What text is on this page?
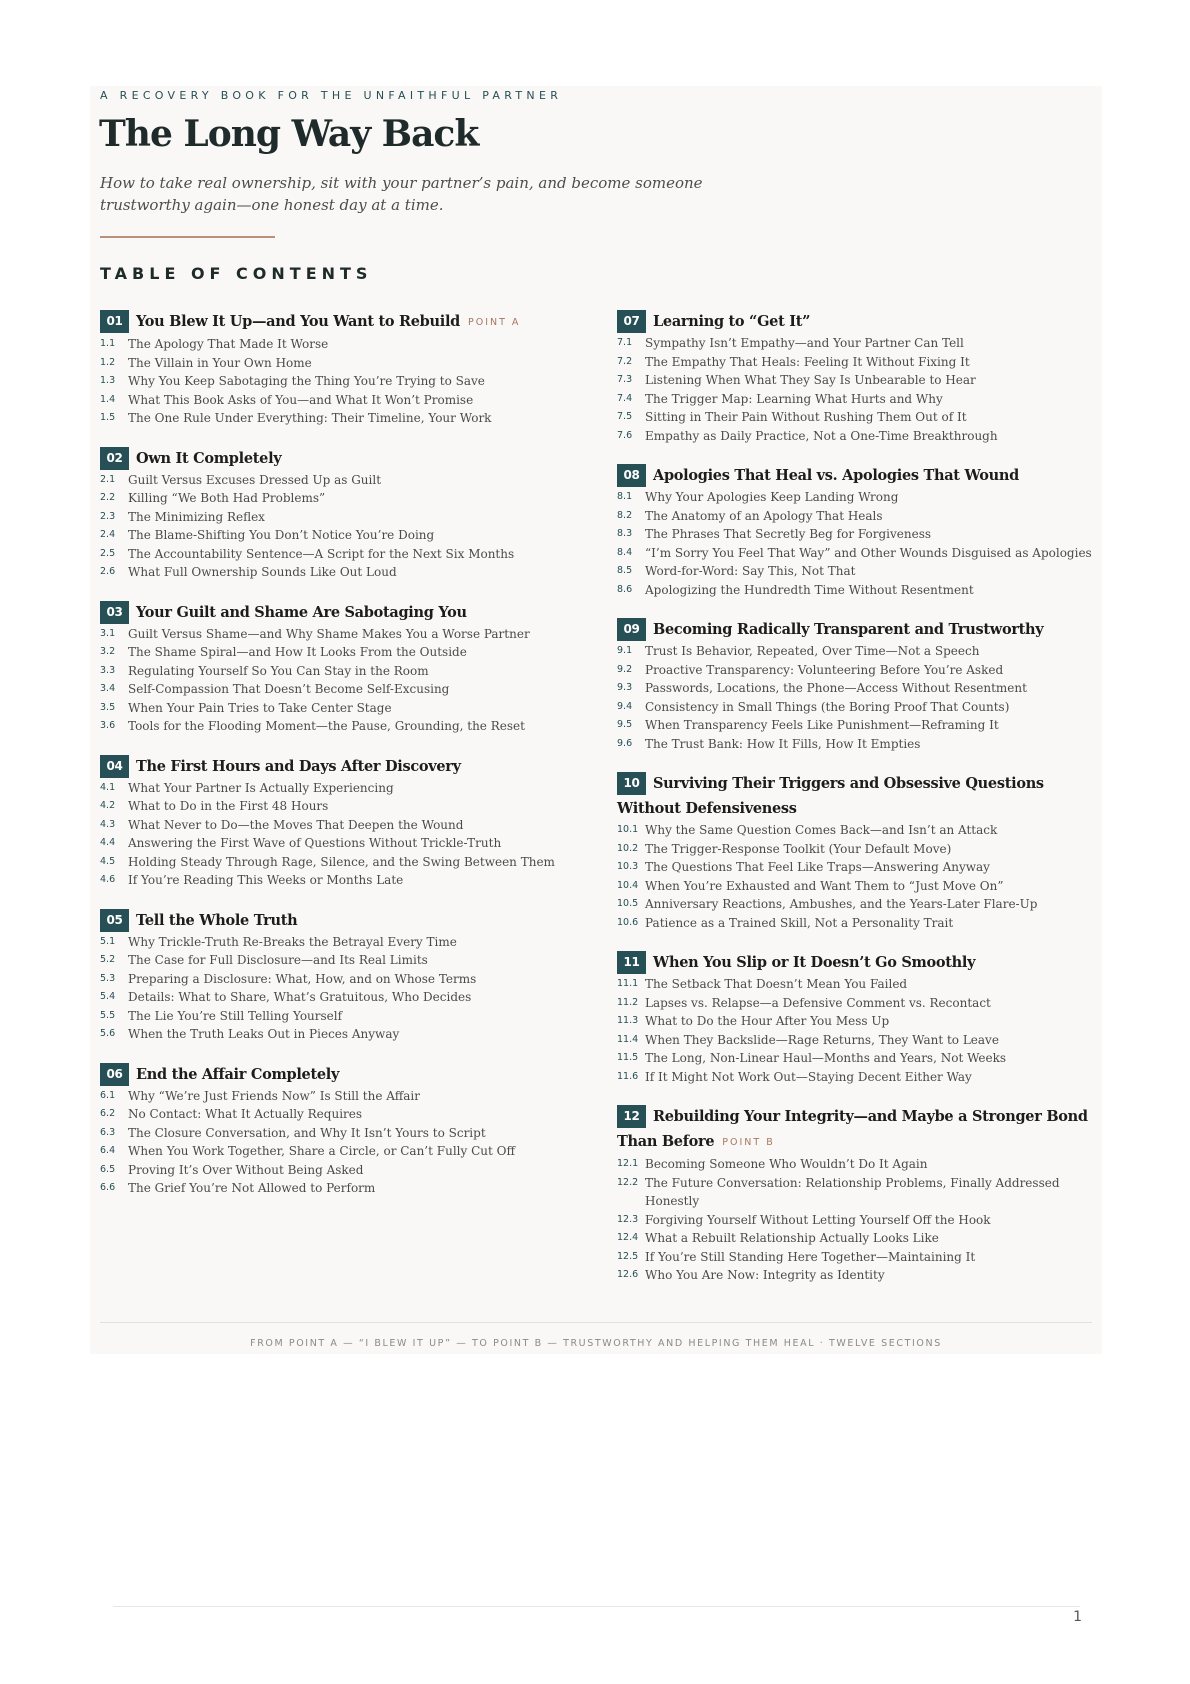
A RECOVERY BOOK FOR THE UNFAITHFUL PARTNER
The Long Way Back

How to take real ownership, sit with your partner’s pain, and become someone trustworthy again—one honest day at a time.

TABLE OF CONTENTS
01 You Blew It Up—and You Want to Rebuild POINT A
1.1 The Apology That Made It Worse
1.2 The Villain in Your Own Home
1.3 Why You Keep Sabotaging the Thing You’re Trying to Save
1.4 What This Book Asks of You—and What It Won’t Promise
1.5 The One Rule Under Everything: Their Timeline, Your Work
02 Own It Completely
2.1 Guilt Versus Excuses Dressed Up as Guilt
2.2 Killing “We Both Had Problems”
2.3 The Minimizing Reflex
2.4 The Blame-Shifting You Don’t Notice You’re Doing
2.5 The Accountability Sentence—A Script for the Next Six Months
2.6 What Full Ownership Sounds Like Out Loud
03 Your Guilt and Shame Are Sabotaging You
3.1 Guilt Versus Shame—and Why Shame Makes You a Worse Partner
3.2 The Shame Spiral—and How It Looks From the Outside
3.3 Regulating Yourself So You Can Stay in the Room
3.4 Self-Compassion That Doesn’t Become Self-Excusing
3.5 When Your Pain Tries to Take Center Stage
3.6 Tools for the Flooding Moment—the Pause, Grounding, the Reset
04 The First Hours and Days After Discovery
4.1 What Your Partner Is Actually Experiencing
4.2 What to Do in the First 48 Hours
4.3 What Never to Do—the Moves That Deepen the Wound
4.4 Answering the First Wave of Questions Without Trickle-Truth
4.5 Holding Steady Through Rage, Silence, and the Swing Between Them
4.6 If You’re Reading This Weeks or Months Late
05 Tell the Whole Truth
5.1 Why Trickle-Truth Re-Breaks the Betrayal Every Time
5.2 The Case for Full Disclosure—and Its Real Limits
5.3 Preparing a Disclosure: What, How, and on Whose Terms
5.4 Details: What to Share, What’s Gratuitous, Who Decides
5.5 The Lie You’re Still Telling Yourself
5.6 When the Truth Leaks Out in Pieces Anyway
06 End the Affair Completely
6.1 Why “We’re Just Friends Now” Is Still the Affair
6.2 No Contact: What It Actually Requires
6.3 The Closure Conversation, and Why It Isn’t Yours to Script
6.4 When You Work Together, Share a Circle, or Can’t Fully Cut Off
6.5 Proving It’s Over Without Being Asked
6.6 The Grief You’re Not Allowed to Perform
07 Learning to “Get It”
7.1 Sympathy Isn’t Empathy—and Your Partner Can Tell
7.2 The Empathy That Heals: Feeling It Without Fixing It
7.3 Listening When What They Say Is Unbearable to Hear
7.4 The Trigger Map: Learning What Hurts and Why
7.5 Sitting in Their Pain Without Rushing Them Out of It
7.6 Empathy as Daily Practice, Not a One-Time Breakthrough
08 Apologies That Heal vs. Apologies That Wound
8.1 Why Your Apologies Keep Landing Wrong
8.2 The Anatomy of an Apology That Heals
8.3 The Phrases That Secretly Beg for Forgiveness
8.4 “I’m Sorry You Feel That Way” and Other Wounds Disguised as Apologies
8.5 Word-for-Word: Say This, Not That
8.6 Apologizing the Hundredth Time Without Resentment
09 Becoming Radically Transparent and Trustworthy
9.1 Trust Is Behavior, Repeated, Over Time—Not a Speech
9.2 Proactive Transparency: Volunteering Before You’re Asked
9.3 Passwords, Locations, the Phone—Access Without Resentment
9.4 Consistency in Small Things (the Boring Proof That Counts)
9.5 When Transparency Feels Like Punishment—Reframing It
9.6 The Trust Bank: How It Fills, How It Empties
10 Surviving Their Triggers and Obsessive Questions Without Defensiveness
10.1 Why the Same Question Comes Back—and Isn’t an Attack
10.2 The Trigger-Response Toolkit (Your Default Move)
10.3 The Questions That Feel Like Traps—Answering Anyway
10.4 When You’re Exhausted and Want Them to “Just Move On”
10.5 Anniversary Reactions, Ambushes, and the Years-Later Flare-Up
10.6 Patience as a Trained Skill, Not a Personality Trait
11 When You Slip or It Doesn’t Go Smoothly
11.1 The Setback That Doesn’t Mean You Failed
11.2 Lapses vs. Relapse—a Defensive Comment vs. Recontact
11.3 What to Do the Hour After You Mess Up
11.4 When They Backslide—Rage Returns, They Want to Leave
11.5 The Long, Non-Linear Haul—Months and Years, Not Weeks
11.6 If It Might Not Work Out—Staying Decent Either Way
12 Rebuilding Your Integrity—and Maybe a Stronger Bond Than Before POINT B
12.1 Becoming Someone Who Wouldn’t Do It Again
12.2 The Future Conversation: Relationship Problems, Finally Addressed Honestly
12.3 Forgiving Yourself Without Letting Yourself Off the Hook
12.4 What a Rebuilt Relationship Actually Looks Like
12.5 If You’re Still Standing Here Together—Maintaining It
12.6 Who You Are Now: Integrity as Identity
FROM POINT A — “I BLEW IT UP” — TO POINT B — TRUSTWORTHY AND HELPING THEM HEAL · TWELVE SECTIONS
1
